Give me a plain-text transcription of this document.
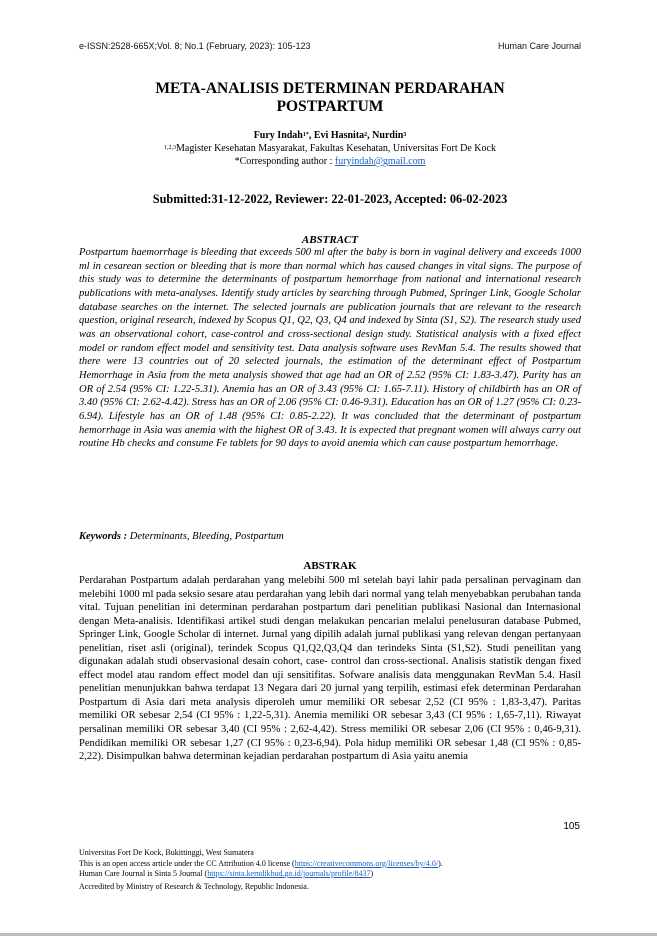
e-ISSN:2528-665X;Vol. 8; No.1 (February, 2023): 105-123	Human Care Journal
META-ANALISIS DETERMINAN PERDARAHAN
POSTPARTUM
Fury Indah$^{1*}$, Evi Hasnita$^2$, Nurdin$^3$
$^{1,2,3}$Magister Kesehatan Masyarakat, Fakultas Kesehatan, Universitas Fort De Kock
*Corresponding author : furyindah@gmail.com
Submitted:31-12-2022, Reviewer: 22-01-2023, Accepted: 06-02-2023
ABSTRACT
Postpartum haemorrhage is bleeding that exceeds 500 ml after the baby is born in vaginal delivery and exceeds 1000 ml in cesarean section or bleeding that is more than normal which has caused changes in vital signs. The purpose of this study was to determine the determinants of postpartum hemorrhage from national and international research publications with meta-analyses. Identify study articles by searching through Pubmed, Springer Link, Google Scholar database searches on the internet. The selected journals are publication journals that are relevant to the research question, original research, indexed by Scopus Q1, Q2, Q3, Q4 and indexed by Sinta (S1, S2). The research study used was an observational cohort, case-control and cross-sectional design study. Statistical analysis with a fixed effect model or random effect model and sensitivity test. Data analysis software uses RevMan 5.4. The results showed that there were 13 countries out of 20 selected journals, the estimation of the determinant effect of Postpartum Hemorrhage in Asia from the meta analysis showed that age had an OR of 2.52 (95% CI: 1.83-3.47). Parity has an OR of 2.54 (95% CI: 1.22-5.31). Anemia has an OR of 3.43 (95% CI: 1.65-7.11). History of childbirth has an OR of 3.40 (95% CI: 2.62-4.42). Stress has an OR of 2.06 (95% CI: 0.46-9.31). Education has an OR of 1.27 (95% CI: 0.23-6.94). Lifestyle has an OR of 1.48 (95% CI: 0.85-2.22). It was concluded that the determinant of postpartum hemorrhage in Asia was anemia with the highest OR of 3.43. It is expected that pregnant women will always carry out routine Hb checks and consume Fe tablets for 90 days to avoid anemia which can cause postpartum hemorrhage.
Keywords : Determinants, Bleeding, Postpartum
ABSTRAK
Perdarahan Postpartum adalah perdarahan yang melebihi 500 ml setelah bayi lahir pada persalinan pervaginam dan melebihi 1000 ml pada seksio sesare atau perdarahan yang lebih dari normal yang telah menyebabkan perubahan tanda vital. Tujuan penelitian ini determinan perdarahan postpartum dari penelitian publikasi Nasional dan Internasional dengan Meta-analisis. Identifikasi artikel studi dengan melakukan pencarian melalui penelusuran database Pubmed, Springer Link, Google Scholar di internet. Jurnal yang dipilih adalah jurnal publikasi yang relevan dengan pertanyaan penelitian, riset asli (original), terindek Scopus Q1,Q2,Q3,Q4 dan terindeks Sinta (S1,S2). Studi peneilitan yang digunakan adalah studi observasional desain cohort, case- control dan cross-sectional. Analisis statistik dengan fixed effect model atau random effect model dan uji sensitifitas. Sofware analisis data menggunakan RevMan 5.4. Hasil penelitian menunjukkan bahwa terdapat 13 Negara dari 20 jurnal yang terpilih, estimasi efek determinan Perdarahan Postpartum di Asia dari meta analysis diperoleh umur memiliki OR sebesar 2,52 (CI 95% : 1,83-3,47). Paritas memiliki OR sebesar 2,54 (CI 95% : 1,22-5,31). Anemia memiliki OR sebesar 3,43 (CI 95% : 1,65-7,11). Riwayat persalinan memiliki OR sebesar 3,40 (CI 95% : 2,62-4,42). Stress memiliki OR sebesar 2,06 (CI 95% : 0,46-9,31). Pendidikan memiliki OR sebesar 1,27 (CI 95% : 0,23-6,94). Pola hidup memiliki OR sebesar 1,48 (CI 95% : 0,85-2,22). Disimpulkan bahwa determinan kejadian perdarahan postpartum di Asia yaitu anemia
105
Universitas Fort De Kock, Bukittinggi, West Sumatera
This is an open access article under the CC Attribution 4.0 license (https://creativecommons.org/licenses/by/4.0/).
Human Care Journal is Sinta 5 Journal (https://sinta.kemdikbud.go.id/journals/profile/8437)
Accredited by Ministry of Research & Technology, Republic Indonesia.
